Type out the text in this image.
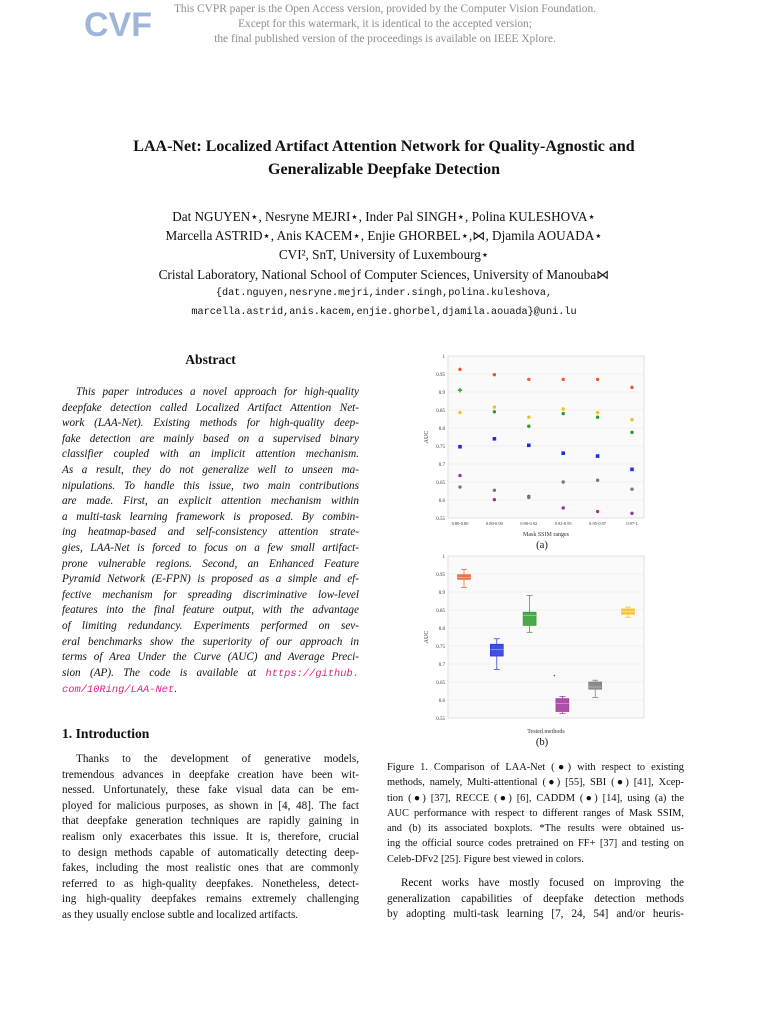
CVF	This CVPR paper is the Open Access version, provided by the Computer Vision Foundation.
Except for this watermark, it is identical to the accepted version;
the final published version of the proceedings is available on IEEE Xplore.
LAA-Net: Localized Artifact Attention Network for Quality-Agnostic and
Generalizable Deepfake Detection
Dat NGUYEN⋆, Nesryne MEJRI⋆, Inder Pal SINGH⋆, Polina KULESHOVA⋆
Marcella ASTRID⋆, Anis KACEM⋆, Enjie GHORBEL⋆,⋈, Djamila AOUADA⋆
CVI², SnT, University of Luxembourg⋆
Cristal Laboratory, National School of Computer Sciences, University of Manouba⋈
{dat.nguyen,nesryne.mejri,inder.singh,polina.kuleshova,
marcella.astrid,anis.kacem,enjie.ghorbel,djamila.aouada}@uni.lu
Abstract
This paper introduces a novel approach for high-quality
deepfake detection called Localized Artifact Attention Net-
work (LAA-Net). Existing methods for high-quality deep-
fake detection are mainly based on a supervised binary
classifier coupled with an implicit attention mechanism.
As a result, they do not generalize well to unseen ma-
nipulations. To handle this issue, two main contributions
are made. First, an explicit attention mechanism within
a multi-task learning framework is proposed. By combin-
ing heatmap-based and self-consistency attention strate-
gies, LAA-Net is forced to focus on a few small artifact-
prone vulnerable regions. Second, an Enhanced Feature
Pyramid Network (E-FPN) is proposed as a simple and ef-
fective mechanism for spreading discriminative low-level
features into the final feature output, with the advantage
of limiting redundancy. Experiments performed on sev-
eral benchmarks show the superiority of our approach in
terms of Area Under the Curve (AUC) and Average Preci-
sion (AP). The code is available at https://github.
com/10Ring/LAA-Net.
1. Introduction
Thanks to the development of generative models,
tremendous advances in deepfake creation have been wit-
nessed. Unfortunately, these fake visual data can be em-
ployed for malicious purposes, as shown in [4, 48]. The fact
that deepfake generation techniques are rapidly gaining in
realism only exacerbates this issue. It is, therefore, crucial
to design methods capable of automatically detecting deep-
fakes, including the most realistic ones that are commonly
referred to as high-quality deepfakes. Nonetheless, detect-
ing high-quality deepfakes remains extremely challenging
as they usually enclose subtle and localized artifacts.
0.55
0.6
0.65
0.7
0.75
0.8
0.85
0.9
0.95
1
AUC
Mask SSIM ranges
0.80-0.80	0.80-0.90	0.90-0.92	0.92-0.95	0.95-0.97	0.97-1
(a)
0.55
0.6
0.65
0.7
0.75
0.8
0.85
0.9
0.95
1
AUC
Tested methods
(b)
Figure 1. Comparison of LAA-Net (●) with respect to existing
methods, namely, Multi-attentional (●) [55], SBI (●) [41], Xcep-
tion (●) [37], RECCE (●) [6], CADDM (●) [14], using (a) the
AUC performance with respect to different ranges of Mask SSIM,
and (b) its associated boxplots. *The results were obtained us-
ing the official source codes pretrained on FF+ [37] and testing on
Celeb-DFv2 [25]. Figure best viewed in colors.
Recent works have mostly focused on improving the
generalization capabilities of deepfake detection methods
by adopting multi-task learning [7, 24, 54] and/or heuris-
